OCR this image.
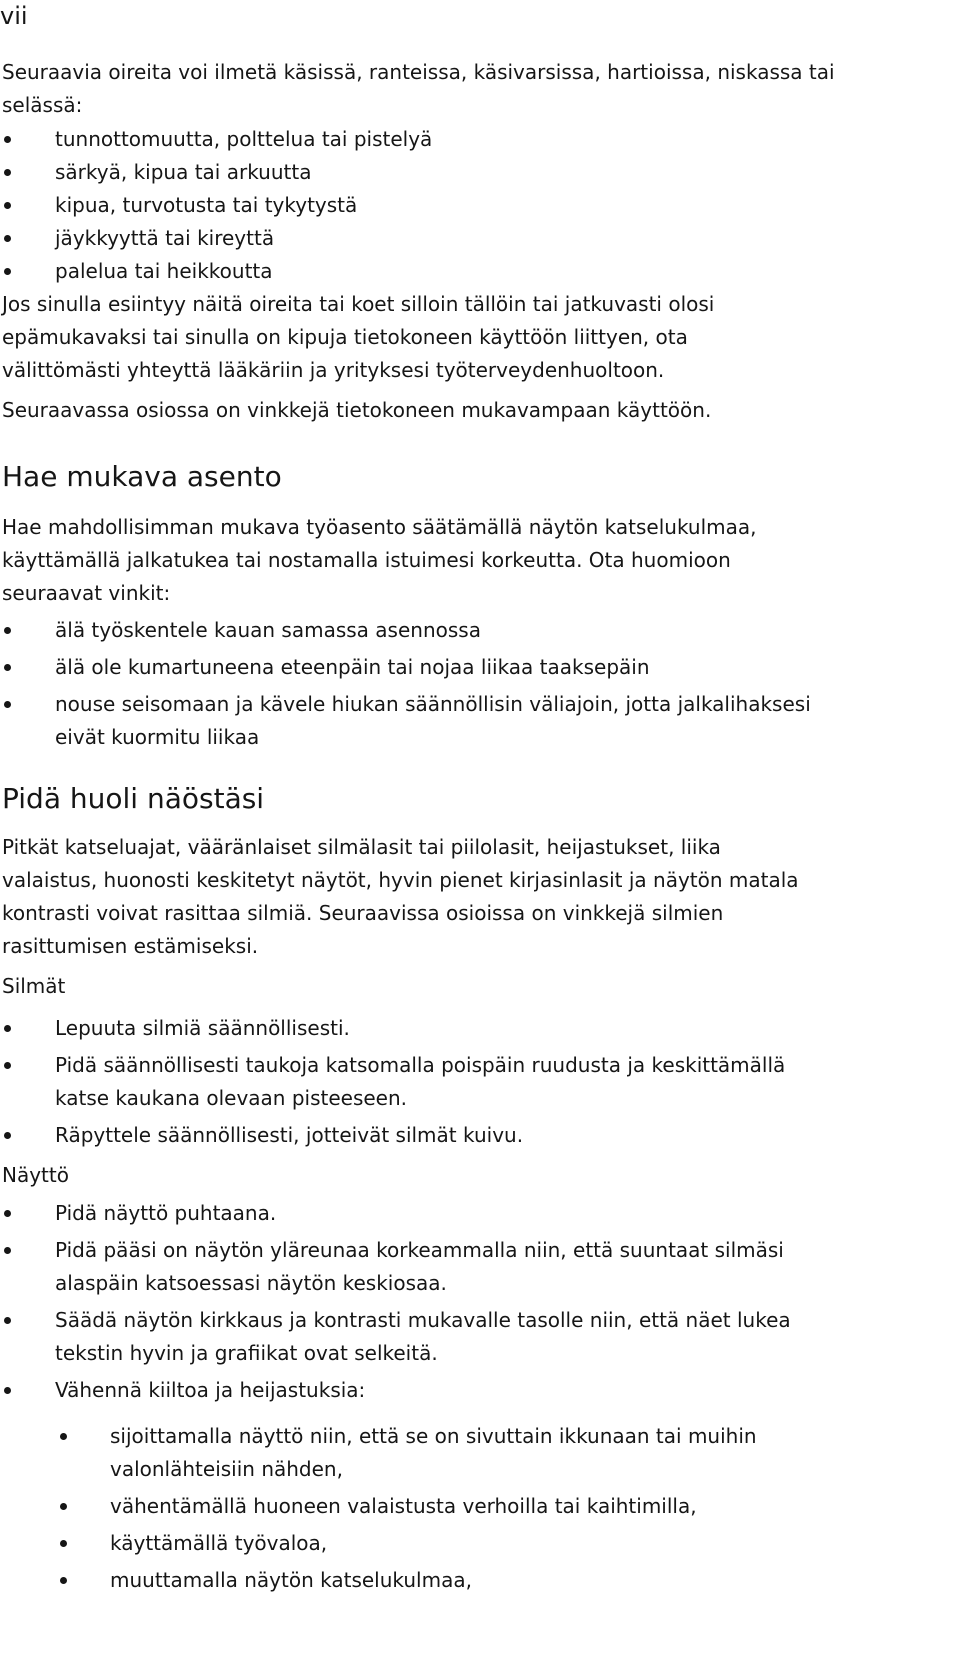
vii
Seuraavia oireita voi ilmetä käsissä, ranteissa, käsivarsissa, hartioissa, niskassa tai
selässä:
tunnottomuutta, polttelua tai pistelyä
särkyä, kipua tai arkuutta
kipua, turvotusta tai tykytystä
jäykkyyttä tai kireyttä
palelua tai heikkoutta
Jos sinulla esiintyy näitä oireita tai koet silloin tällöin tai jatkuvasti olosi
epämukavaksi tai sinulla on kipuja tietokoneen käyttöön liittyen, ota
välittömästi yhteyttä lääkäriin ja yrityksesi työterveydenhuoltoon.
Seuraavassa osiossa on vinkkejä tietokoneen mukavampaan käyttöön.
Hae mukava asento
Hae mahdollisimman mukava työasento säätämällä näytön katselukulmaa,
käyttämällä jalkatukea tai nostamalla istuimesi korkeutta. Ota huomioon
seuraavat vinkit:
älä työskentele kauan samassa asennossa
älä ole kumartuneena eteenpäin tai nojaa liikaa taaksepäin
nouse seisomaan ja kävele hiukan säännöllisin väliajoin, jotta jalkalihaksesi
eivät kuormitu liikaa
Pidä huoli näöstäsi
Pitkät katseluajat, vääränlaiset silmälasit tai piilolasit, heijastukset, liika
valaistus, huonosti keskitetyt näytöt, hyvin pienet kirjasinlasit ja näytön matala
kontrasti voivat rasittaa silmiä. Seuraavissa osioissa on vinkkejä silmien
rasittumisen estämiseksi.
Silmät
Lepuuta silmiä säännöllisesti.
Pidä säännöllisesti taukoja katsomalla poispäin ruudusta ja keskittämällä
katse kaukana olevaan pisteeseen.
Räpyttele säännöllisesti, jotteivät silmät kuivu.
Näyttö
Pidä näyttö puhtaana.
Pidä pääsi on näytön yläreunaa korkeammalla niin, että suuntaat silmäsi
alaspäin katsoessasi näytön keskiosaa.
Säädä näytön kirkkaus ja kontrasti mukavalle tasolle niin, että näet lukea
tekstin hyvin ja grafiikat ovat selkeitä.
Vähennä kiiltoa ja heijastuksia:
sijoittamalla näyttö niin, että se on sivuttain ikkunaan tai muihin
valonlähteisiin nähden,
vähentämällä huoneen valaistusta verhoilla tai kaihtimilla,
käyttämällä työvaloa,
muuttamalla näytön katselukulmaa,
